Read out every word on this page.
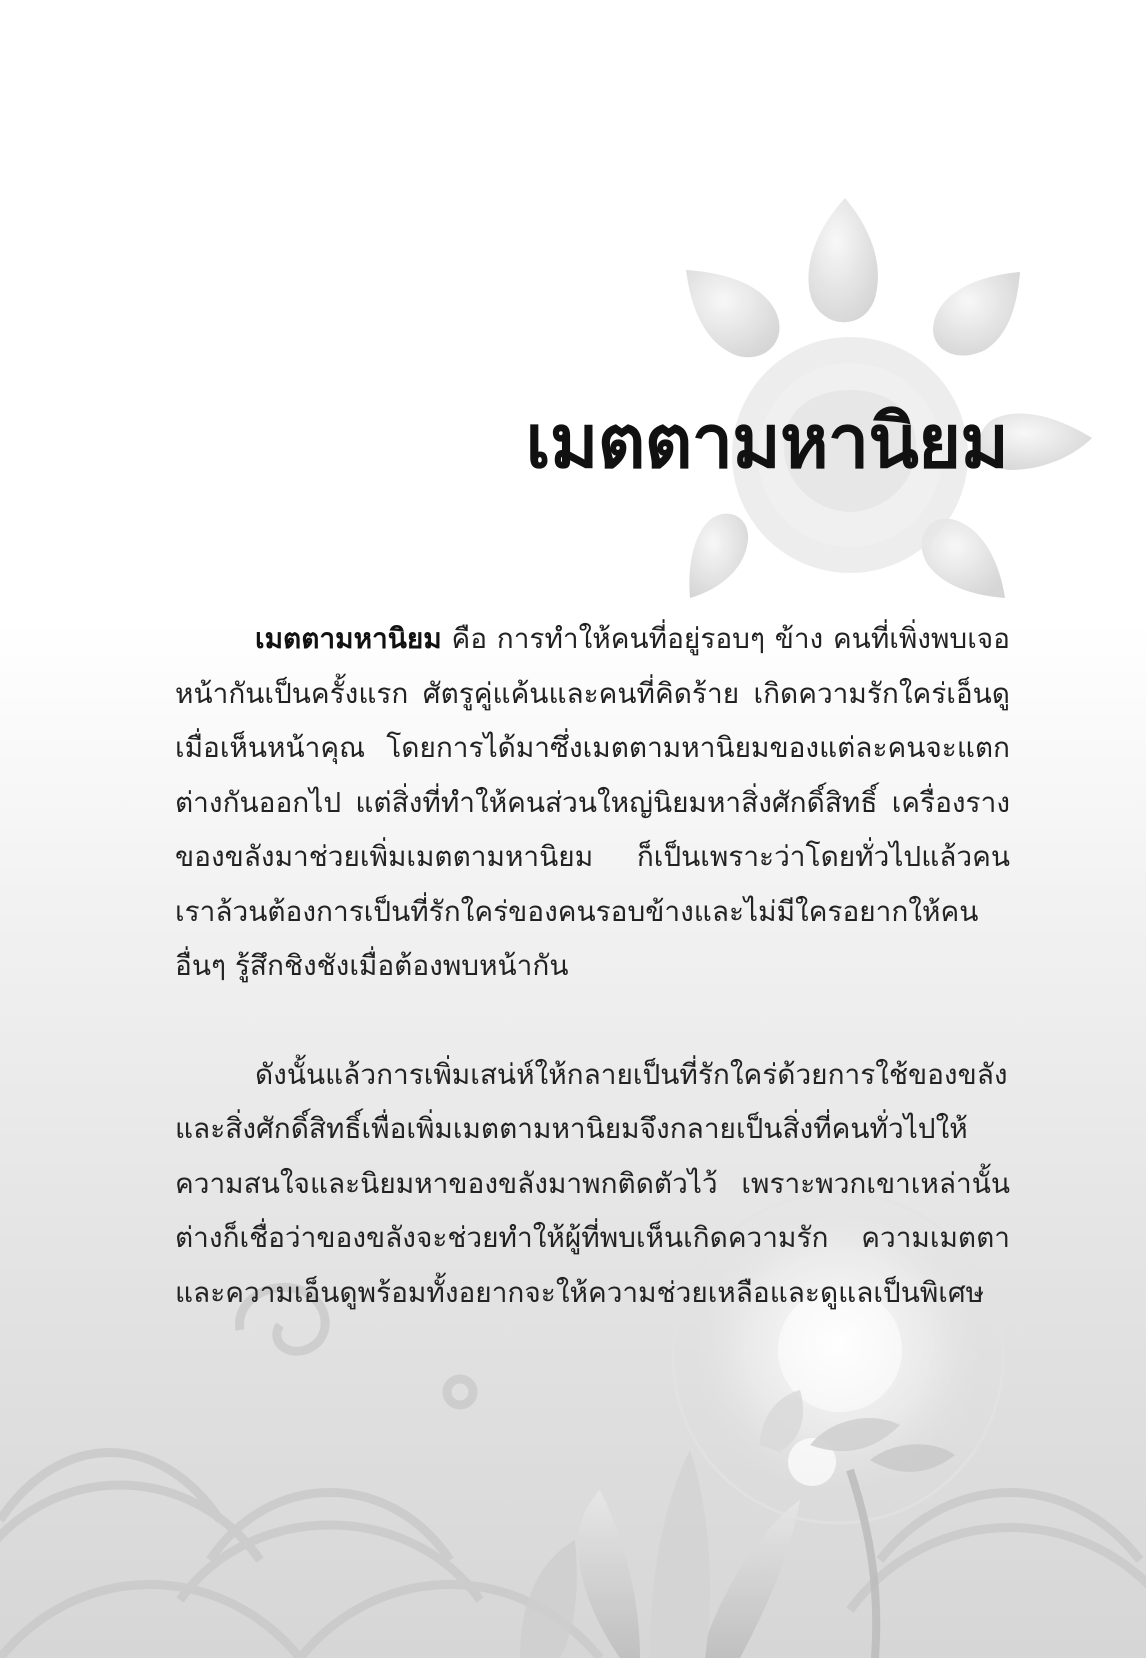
เมตตามหานิยม

เมตตามหานิยม คือ การทำให้คนที่อยู่รอบๆ ข้าง คนที่เพิ่งพบเจอหน้ากันเป็นครั้งแรก ศัตรูคู่แค้นและคนที่คิดร้าย เกิดความรักใคร่เอ็นดูเมื่อเห็นหน้าคุณ โดยการได้มาซึ่งเมตตามหานิยมของแต่ละคนจะแตกต่างกันออกไป แต่สิ่งที่ทำให้คนส่วนใหญ่นิยมหาสิ่งศักดิ์สิทธิ์ เครื่องรางของขลังมาช่วยเพิ่มเมตตามหานิยม ก็เป็นเพราะว่าโดยทั่วไปแล้วคนเราล้วนต้องการเป็นที่รักใคร่ของคนรอบข้างและไม่มีใครอยากให้คนอื่นๆ รู้สึกชิงชังเมื่อต้องพบหน้ากัน

ดังนั้นแล้วการเพิ่มเสน่ห์ให้กลายเป็นที่รักใคร่ด้วยการใช้ของขลังและสิ่งศักดิ์สิทธิ์เพื่อเพิ่มเมตตามหานิยมจึงกลายเป็นสิ่งที่คนทั่วไปให้ความสนใจและนิยมหาของขลังมาพกติดตัวไว้ เพราะพวกเขาเหล่านั้นต่างก็เชื่อว่าของขลังจะช่วยทำให้ผู้ที่พบเห็นเกิดความรัก ความเมตตาและความเอ็นดูพร้อมทั้งอยากจะให้ความช่วยเหลือและดูแลเป็นพิเศษ
